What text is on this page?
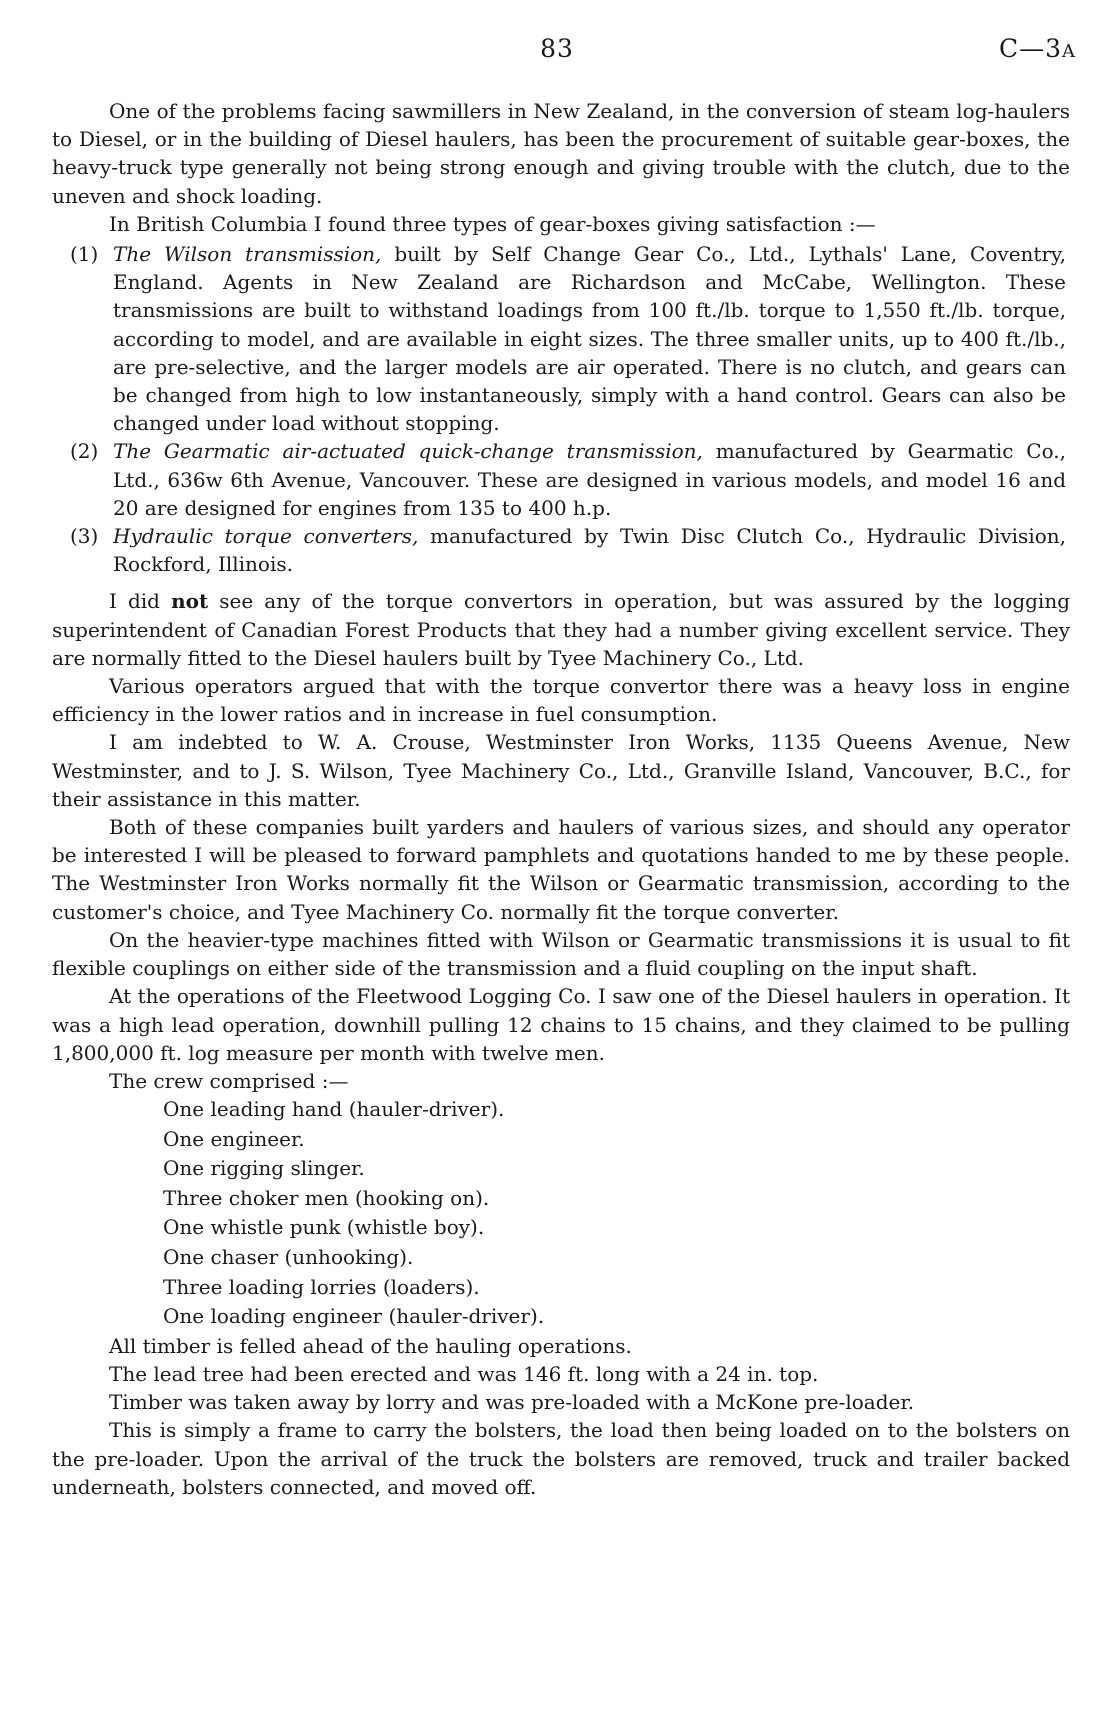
83	C—3A

One of the problems facing sawmillers in New Zealand, in the conversion of steam log-haulers to Diesel, or in the building of Diesel haulers, has been the procurement of suitable gear-boxes, the heavy-truck type generally not being strong enough and giving trouble with the clutch, due to the uneven and shock loading.

In British Columbia I found three types of gear-boxes giving satisfaction :—

(1) The Wilson transmission, built by Self Change Gear Co., Ltd., Lythals' Lane, Coventry, England. Agents in New Zealand are Richardson and McCabe, Wellington. These transmissions are built to withstand loadings from 100 ft./lb. torque to 1,550 ft./lb. torque, according to model, and are available in eight sizes. The three smaller units, up to 400 ft./lb., are pre-selective, and the larger models are air operated. There is no clutch, and gears can be changed from high to low instantaneously, simply with a hand control. Gears can also be changed under load without stopping.
(2) The Gearmatic air-actuated quick-change transmission, manufactured by Gearmatic Co., Ltd., 636w 6th Avenue, Vancouver. These are designed in various models, and model 16 and 20 are designed for engines from 135 to 400 h.p.
(3) Hydraulic torque converters, manufactured by Twin Disc Clutch Co., Hydraulic Division, Rockford, Illinois.

I did not see any of the torque convertors in operation, but was assured by the logging superintendent of Canadian Forest Products that they had a number giving excellent service. They are normally fitted to the Diesel haulers built by Tyee Machinery Co., Ltd.

Various operators argued that with the torque convertor there was a heavy loss in engine efficiency in the lower ratios and in increase in fuel consumption.

I am indebted to W. A. Crouse, Westminster Iron Works, 1135 Queens Avenue, New Westminster, and to J. S. Wilson, Tyee Machinery Co., Ltd., Granville Island, Vancouver, B.C., for their assistance in this matter.

Both of these companies built yarders and haulers of various sizes, and should any operator be interested I will be pleased to forward pamphlets and quotations handed to me by these people. The Westminster Iron Works normally fit the Wilson or Gearmatic transmission, according to the customer's choice, and Tyee Machinery Co. normally fit the torque converter.

On the heavier-type machines fitted with Wilson or Gearmatic transmissions it is usual to fit flexible couplings on either side of the transmission and a fluid coupling on the input shaft.

At the operations of the Fleetwood Logging Co. I saw one of the Diesel haulers in operation. It was a high lead operation, downhill pulling 12 chains to 15 chains, and they claimed to be pulling 1,800,000 ft. log measure per month with twelve men.

The crew comprised :—

One leading hand (hauler-driver).
One engineer.
One rigging slinger.
Three choker men (hooking on).
One whistle punk (whistle boy).
One chaser (unhooking).
Three loading lorries (loaders).
One loading engineer (hauler-driver).

All timber is felled ahead of the hauling operations.

The lead tree had been erected and was 146 ft. long with a 24 in. top.

Timber was taken away by lorry and was pre-loaded with a McKone pre-loader.

This is simply a frame to carry the bolsters, the load then being loaded on to the bolsters on the pre-loader. Upon the arrival of the truck the bolsters are removed, truck and trailer backed underneath, bolsters connected, and moved off.
